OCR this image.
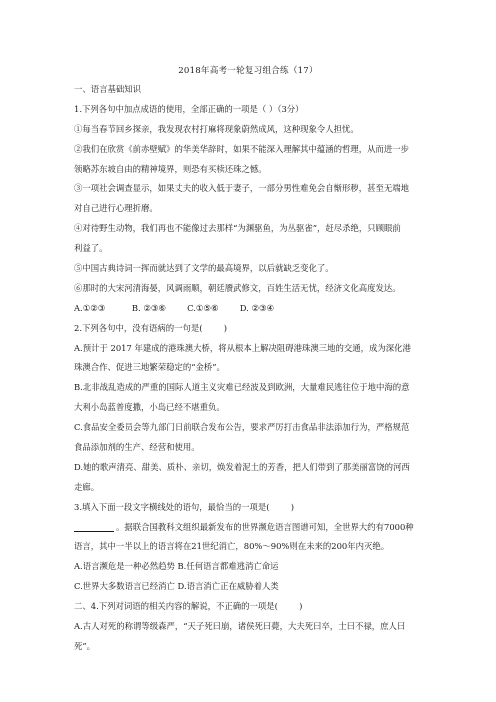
2018年高考一轮复习组合练（17）
一、语言基础知识
1.下列各句中加点成语的使用，全部正确的一项是（ ）（3分）
①每当春节回乡探亲，我发现农村打麻将现象蔚然成风，这种现象令人担忧。
②我们在欣赏《前赤壁赋》的华美华辞时，如果不能深入理解其中蕴涵的哲理，从而进一步
领略苏东坡自由的精神境界，则恐有买椟还珠之憾。
③一项社会调查显示，如果丈夫的收入低于妻子，一部分男性难免会自惭形秽，甚至无端地
对自己进行心理折磨。
④对待野生动物，我们再也不能像过去那样“为渊驱鱼，为丛驱雀”，赶尽杀绝，只顾眼前
利益了。
⑤中国古典诗词一挥而就达到了文学的最高境界，以后就缺乏变化了。
⑥那时的大宋河清海晏，风调雨顺，朝廷餍武修文，百姓生活无忧，经济文化高度发达。
A.①②③          B. ②③⑥        C.①⑤⑥        D. ②③④
2.下列各句中，没有语病的一句是(        )
A.预计于 2017 年建成的港珠澳大桥，将从根本上解决阻碍港珠澳三地的交通，成为深化港
珠澳合作、促进三地繁荣稳定的“金桥”。
B.北非战乱造成的严重的国际人道主义灾难已经波及到欧洲，大量难民逃往位于地中海的意
大利小岛蓝普度撒，小岛已经不堪重负。
C.食品安全委员会等九部门日前联合发布公告，要求严厉打击食品非法添加行为，严格规范
食品添加剂的生产、经营和使用。
D.她的歌声清亮、甜美、质朴、亲切，焕发着泥土的芳香，把人们带到了那美丽富饶的河西
走廊。
3.填入下面一段文字横线处的语句，最恰当的一项是(        )
。据联合国教科文组织最新发布的世界濒危语言图谱可知，全世界大约有7000种
语言，其中一半以上的语言将在21世纪消亡，80%～90%则在未来的200年内灭绝。
A.语言濒危是一种必然趋势 B.任何语言都难逃消亡命运
C.世界大多数语言已经消亡 D.语言消亡正在威胁着人类
二、4.下列对词语的相关内容的解说，不正确的一项是(        )
A.古人对死的称谓等级森严，“天子死曰崩，诸侯死曰薨，大夫死曰卒，士曰不禄，庶人曰
死”。
